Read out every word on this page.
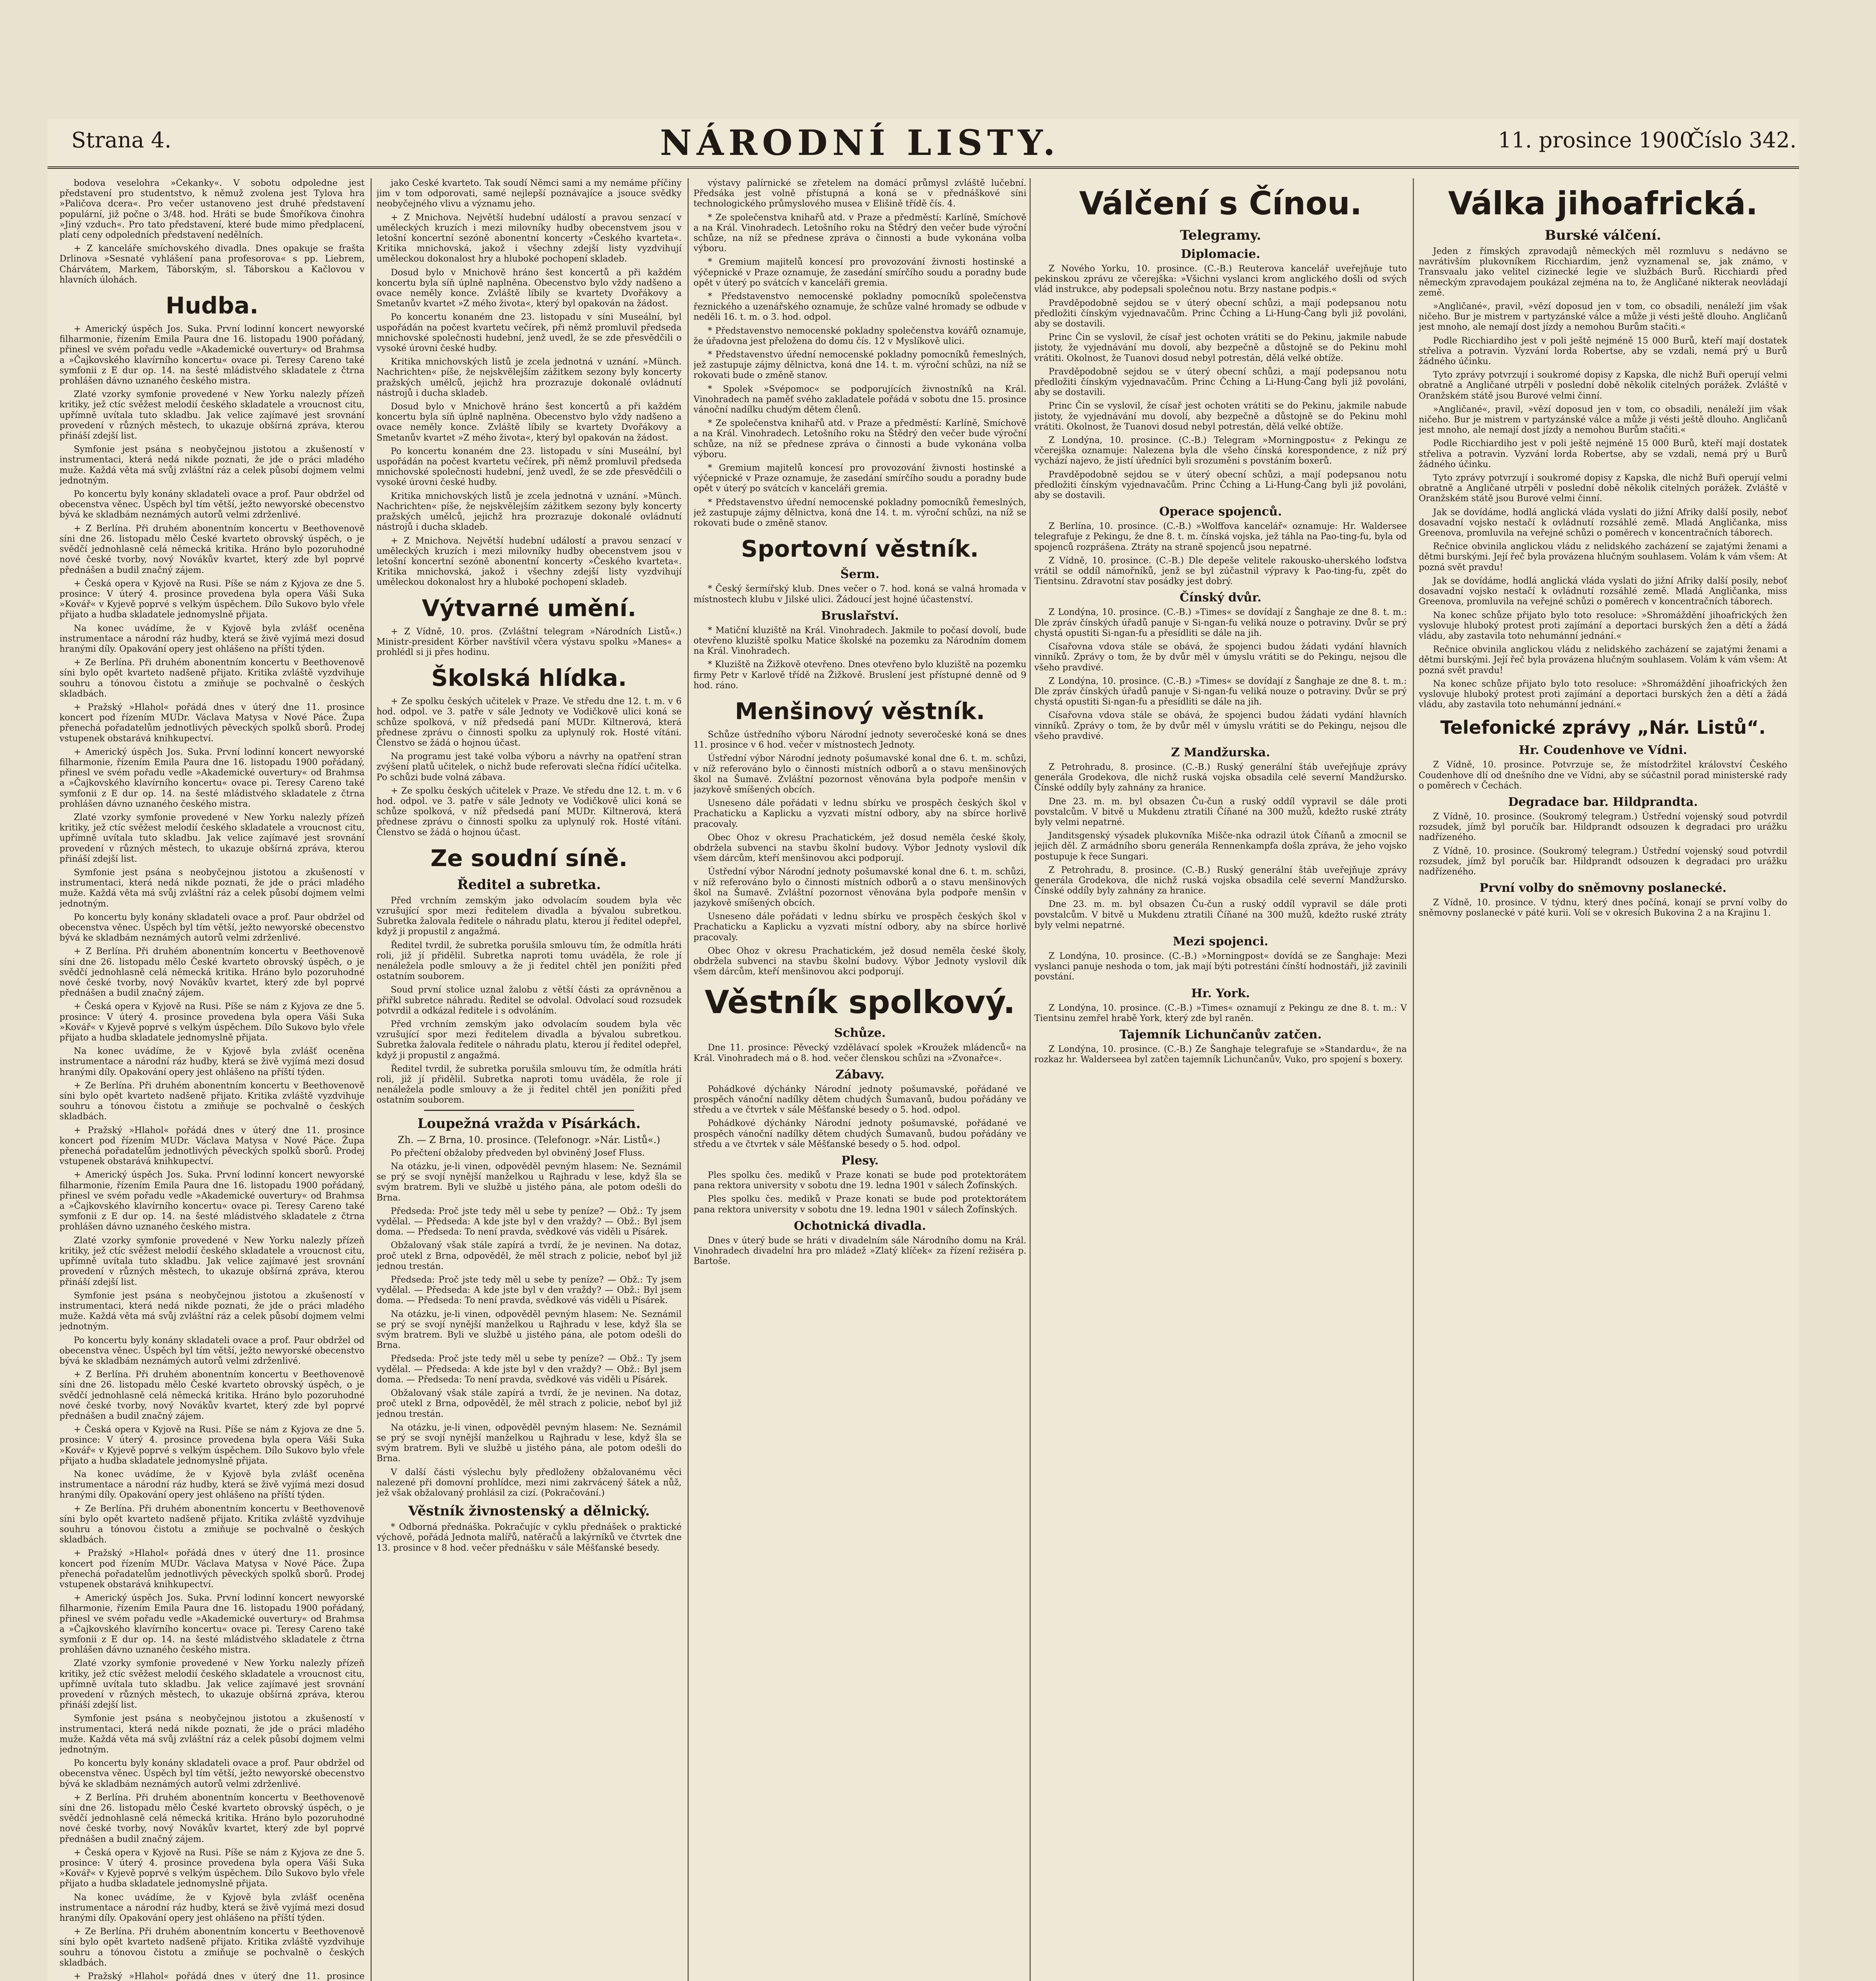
Strana 4.	NÁRODNÍ LISTY.	11. prosince 1900
Číslo 342.

bodova veselohra »Čekanky«. V sobotu odpoledne jest představení pro studentstvo, k němuž zvolena jest Tylova hra »Paličova dcera«. Pro večer ustanoveno jest druhé představení populární, již počne o 3/48. hod. Hráti se bude Šmoříkova činohra »Jiný vzduch«. Pro tato představení, které bude mimo předplacení, platí ceny odpoledních představení nedělních.

+ Z kanceláře smíchovského divadla. Dnes opakuje se frašta Drlinova »Sesnaté vyhlášení pana profesorova« s pp. Liebrem, Chárvátem, Markem, Táborským, sl. Táborskou a Kačlovou v hlavních úlohách.

Hudba.

+ Americký úspěch Jos. Suka. První lodinní koncert newyorské filharmonie, řízením Emila Paura dne 16. listopadu 1900 pořádaný, přinesl ve svém pořadu vedle »Akademické ouvertury« od Brahmsa a »Čajkovského klavírního koncertu« ovace pi. Teresy Careno také symfonii z E dur op. 14. na šesté mládistvého skladatele z čtrna prohlášen dávno uznaného českého mistra.

Zlaté vzorky symfonie provedené v New Yorku nalezly přízeň kritiky, jež ctíc svěžest melodií českého skladatele a vroucnost citu, upřímně uvítala tuto skladbu. Jak velice zajímavé jest srovnání provedení v různých městech, to ukazuje obšírná zpráva, kterou přináší zdejší list.

Symfonie jest psána s neobyčejnou jistotou a zkušeností v instrumentaci, která nedá nikde poznati, že jde o práci mladého muže. Každá věta má svůj zvláštní ráz a celek působí dojmem velmi jednotným.

Po koncertu byly konány skladateli ovace a prof. Paur obdržel od obecenstva věnec. Úspěch byl tím větší, ježto newyorské obecenstvo bývá ke skladbám neznámých autorů velmi zdrženlivé.

+ Z Berlína. Při druhém abonentním koncertu v Beethovenově síni dne 26. listopadu mělo České kvarteto obrovský úspěch, o je svědčí jednohlasně celá německá kritika. Hráno bylo pozoruhodné nové české tvorby, nový Novákův kvartet, který zde byl poprvé přednášen a budil značný zájem.

+ Česká opera v Kyjově na Rusi. Píše se nám z Kyjova ze dne 5. prosince: V úterý 4. prosince provedena byla opera Váši Suka »Kovář« v Kyjevě poprvé s velkým úspěchem. Dílo Sukovo bylo vřele přijato a hudba skladatele jednomyslně přijata.

Na konec uvádíme, že v Kyjově byla zvlášť oceněna instrumentace a národní ráz hudby, která se živě vyjímá mezi dosud hranými díly. Opakování opery jest ohlášeno na příští týden.

+ Ze Berlína. Při druhém abonentním koncertu v Beethovenově síni bylo opět kvarteto nadšeně přijato. Kritika zvláště vyzdvihuje souhru a tónovou čistotu a zmiňuje se pochvalně o českých skladbách.

+ Pražský »Hlahol« pořádá dnes v úterý dne 11. prosince koncert pod řízením MUDr. Václava Matysa v Nové Páce. Župa přenechá pořadatelům jednotlivých pěveckých spolků sborů. Prodej vstupenek obstarává knihkupectví.

+ Americký úspěch Jos. Suka. První lodinní koncert newyorské filharmonie, řízením Emila Paura dne 16. listopadu 1900 pořádaný, přinesl ve svém pořadu vedle »Akademické ouvertury« od Brahmsa a »Čajkovského klavírního koncertu« ovace pi. Teresy Careno také symfonii z E dur op. 14. na šesté mládistvého skladatele z čtrna prohlášen dávno uznaného českého mistra.

Zlaté vzorky symfonie provedené v New Yorku nalezly přízeň kritiky, jež ctíc svěžest melodií českého skladatele a vroucnost citu, upřímně uvítala tuto skladbu. Jak velice zajímavé jest srovnání provedení v různých městech, to ukazuje obšírná zpráva, kterou přináší zdejší list.

Symfonie jest psána s neobyčejnou jistotou a zkušeností v instrumentaci, která nedá nikde poznati, že jde o práci mladého muže. Každá věta má svůj zvláštní ráz a celek působí dojmem velmi jednotným.

Po koncertu byly konány skladateli ovace a prof. Paur obdržel od obecenstva věnec. Úspěch byl tím větší, ježto newyorské obecenstvo bývá ke skladbám neznámých autorů velmi zdrženlivé.

+ Z Berlína. Při druhém abonentním koncertu v Beethovenově síni dne 26. listopadu mělo České kvarteto obrovský úspěch, o je svědčí jednohlasně celá německá kritika. Hráno bylo pozoruhodné nové české tvorby, nový Novákův kvartet, který zde byl poprvé přednášen a budil značný zájem.

+ Česká opera v Kyjově na Rusi. Píše se nám z Kyjova ze dne 5. prosince: V úterý 4. prosince provedena byla opera Váši Suka »Kovář« v Kyjevě poprvé s velkým úspěchem. Dílo Sukovo bylo vřele přijato a hudba skladatele jednomyslně přijata.

Na konec uvádíme, že v Kyjově byla zvlášť oceněna instrumentace a národní ráz hudby, která se živě vyjímá mezi dosud hranými díly. Opakování opery jest ohlášeno na příští týden.

+ Ze Berlína. Při druhém abonentním koncertu v Beethovenově síni bylo opět kvarteto nadšeně přijato. Kritika zvláště vyzdvihuje souhru a tónovou čistotu a zmiňuje se pochvalně o českých skladbách.

+ Pražský »Hlahol« pořádá dnes v úterý dne 11. prosince koncert pod řízením MUDr. Václava Matysa v Nové Páce. Župa přenechá pořadatelům jednotlivých pěveckých spolků sborů. Prodej vstupenek obstarává knihkupectví.

+ Americký úspěch Jos. Suka. První lodinní koncert newyorské filharmonie, řízením Emila Paura dne 16. listopadu 1900 pořádaný, přinesl ve svém pořadu vedle »Akademické ouvertury« od Brahmsa a »Čajkovského klavírního koncertu« ovace pi. Teresy Careno také symfonii z E dur op. 14. na šesté mládistvého skladatele z čtrna prohlášen dávno uznaného českého mistra.

Zlaté vzorky symfonie provedené v New Yorku nalezly přízeň kritiky, jež ctíc svěžest melodií českého skladatele a vroucnost citu, upřímně uvítala tuto skladbu. Jak velice zajímavé jest srovnání provedení v různých městech, to ukazuje obšírná zpráva, kterou přináší zdejší list.

Symfonie jest psána s neobyčejnou jistotou a zkušeností v instrumentaci, která nedá nikde poznati, že jde o práci mladého muže. Každá věta má svůj zvláštní ráz a celek působí dojmem velmi jednotným.

Po koncertu byly konány skladateli ovace a prof. Paur obdržel od obecenstva věnec. Úspěch byl tím větší, ježto newyorské obecenstvo bývá ke skladbám neznámých autorů velmi zdrženlivé.

+ Z Berlína. Při druhém abonentním koncertu v Beethovenově síni dne 26. listopadu mělo České kvarteto obrovský úspěch, o je svědčí jednohlasně celá německá kritika. Hráno bylo pozoruhodné nové české tvorby, nový Novákův kvartet, který zde byl poprvé přednášen a budil značný zájem.

+ Česká opera v Kyjově na Rusi. Píše se nám z Kyjova ze dne 5. prosince: V úterý 4. prosince provedena byla opera Váši Suka »Kovář« v Kyjevě poprvé s velkým úspěchem. Dílo Sukovo bylo vřele přijato a hudba skladatele jednomyslně přijata.

Na konec uvádíme, že v Kyjově byla zvlášť oceněna instrumentace a národní ráz hudby, která se živě vyjímá mezi dosud hranými díly. Opakování opery jest ohlášeno na příští týden.

+ Ze Berlína. Při druhém abonentním koncertu v Beethovenově síni bylo opět kvarteto nadšeně přijato. Kritika zvláště vyzdvihuje souhru a tónovou čistotu a zmiňuje se pochvalně o českých skladbách.

+ Pražský »Hlahol« pořádá dnes v úterý dne 11. prosince koncert pod řízením MUDr. Václava Matysa v Nové Páce. Župa přenechá pořadatelům jednotlivých pěveckých spolků sborů. Prodej vstupenek obstarává knihkupectví.

+ Americký úspěch Jos. Suka. První lodinní koncert newyorské filharmonie, řízením Emila Paura dne 16. listopadu 1900 pořádaný, přinesl ve svém pořadu vedle »Akademické ouvertury« od Brahmsa a »Čajkovského klavírního koncertu« ovace pi. Teresy Careno také symfonii z E dur op. 14. na šesté mládistvého skladatele z čtrna prohlášen dávno uznaného českého mistra.

Zlaté vzorky symfonie provedené v New Yorku nalezly přízeň kritiky, jež ctíc svěžest melodií českého skladatele a vroucnost citu, upřímně uvítala tuto skladbu. Jak velice zajímavé jest srovnání provedení v různých městech, to ukazuje obšírná zpráva, kterou přináší zdejší list.

Symfonie jest psána s neobyčejnou jistotou a zkušeností v instrumentaci, která nedá nikde poznati, že jde o práci mladého muže. Každá věta má svůj zvláštní ráz a celek působí dojmem velmi jednotným.

Po koncertu byly konány skladateli ovace a prof. Paur obdržel od obecenstva věnec. Úspěch byl tím větší, ježto newyorské obecenstvo bývá ke skladbám neznámých autorů velmi zdrženlivé.

+ Z Berlína. Při druhém abonentním koncertu v Beethovenově síni dne 26. listopadu mělo České kvarteto obrovský úspěch, o je svědčí jednohlasně celá německá kritika. Hráno bylo pozoruhodné nové české tvorby, nový Novákův kvartet, který zde byl poprvé přednášen a budil značný zájem.

+ Česká opera v Kyjově na Rusi. Píše se nám z Kyjova ze dne 5. prosince: V úterý 4. prosince provedena byla opera Váši Suka »Kovář« v Kyjevě poprvé s velkým úspěchem. Dílo Sukovo bylo vřele přijato a hudba skladatele jednomyslně přijata.

Na konec uvádíme, že v Kyjově byla zvlášť oceněna instrumentace a národní ráz hudby, která se živě vyjímá mezi dosud hranými díly. Opakování opery jest ohlášeno na příští týden.

+ Ze Berlína. Při druhém abonentním koncertu v Beethovenově síni bylo opět kvarteto nadšeně přijato. Kritika zvláště vyzdvihuje souhru a tónovou čistotu a zmiňuje se pochvalně o českých skladbách.

+ Pražský »Hlahol« pořádá dnes v úterý dne 11. prosince

jako České kvarteto. Tak soudí Němci sami a my nemáme příčiny jim v tom odporovati, samé nejlepší poznávajíce a jsouce svědky neobyčejného vlivu a významu jeho.

+ Z Mnichova. Největší hudební událostí a pravou senzací v uměleckých kruzích i mezi milovníky hudby obecenstvem jsou v letošní koncertní sezóně abonentní koncerty »Českého kvarteta«. Kritika mnichovská, jakož i všechny zdejší listy vyzdvihují uměleckou dokonalost hry a hluboké pochopení skladeb.

Dosud bylo v Mnichově hráno šest koncertů a při každém koncertu byla síň úplně naplněna. Obecenstvo bylo vždy nadšeno a ovace neměly konce. Zvláště líbily se kvartety Dvořákovy a Smetanův kvartet »Z mého života«, který byl opakován na žádost.

Po koncertu konaném dne 23. listopadu v síni Museální, byl uspořádán na počest kvartetu večírek, při němž promluvil předseda mnichovské společnosti hudební, jenž uvedl, že se zde přesvědčili o vysoké úrovni české hudby.

Kritika mnichovských listů je zcela jednotná v uznání. »Münch. Nachrichten« píše, že nejskvělejším zážitkem sezony byly koncerty pražských umělců, jejichž hra prozrazuje dokonalé ovládnutí nástrojů i ducha skladeb.

Dosud bylo v Mnichově hráno šest koncertů a při každém koncertu byla síň úplně naplněna. Obecenstvo bylo vždy nadšeno a ovace neměly konce. Zvláště líbily se kvartety Dvořákovy a Smetanův kvartet »Z mého života«, který byl opakován na žádost.

Po koncertu konaném dne 23. listopadu v síni Museální, byl uspořádán na počest kvartetu večírek, při němž promluvil předseda mnichovské společnosti hudební, jenž uvedl, že se zde přesvědčili o vysoké úrovni české hudby.

Kritika mnichovských listů je zcela jednotná v uznání. »Münch. Nachrichten« píše, že nejskvělejším zážitkem sezony byly koncerty pražských umělců, jejichž hra prozrazuje dokonalé ovládnutí nástrojů i ducha skladeb.

+ Z Mnichova. Největší hudební událostí a pravou senzací v uměleckých kruzích i mezi milovníky hudby obecenstvem jsou v letošní koncertní sezóně abonentní koncerty »Českého kvarteta«. Kritika mnichovská, jakož i všechny zdejší listy vyzdvihují uměleckou dokonalost hry a hluboké pochopení skladeb.

Výtvarné umění.

+ Z Vídně, 10. pros. (Zvláštní telegram »Národních Listů«.) Ministr-president Körber navštívil včera výstavu spolku »Manes« a prohlédl si ji přes hodinu.

Školská hlídka.

+ Ze spolku českých učitelek v Praze. Ve středu dne 12. t. m. v 6 hod. odpol. ve 3. patře v sále Jednoty ve Vodičkově ulici koná se schůze spolková, v níž předsedá paní MUDr. Kiltnerová, která přednese zprávu o činnosti spolku za uplynulý rok. Hosté vítáni. Členstvo se žádá o hojnou účast.

Na programu jest také volba výboru a návrhy na opatření stran zvýšení platů učitelek, o nichž bude referovati slečna řídící učitelka. Po schůzi bude volná zábava.

+ Ze spolku českých učitelek v Praze. Ve středu dne 12. t. m. v 6 hod. odpol. ve 3. patře v sále Jednoty ve Vodičkově ulici koná se schůze spolková, v níž předsedá paní MUDr. Kiltnerová, která přednese zprávu o činnosti spolku za uplynulý rok. Hosté vítáni. Členstvo se žádá o hojnou účast.

Ze soudní síně.
Ředitel a subretka.

Před vrchním zemským jako odvolacím soudem byla věc vzrušující spor mezi ředitelem divadla a bývalou subretkou. Subretka žalovala ředitele o náhradu platu, kterou jí ředitel odepřel, když ji propustil z angažmá.

Ředitel tvrdil, že subretka porušila smlouvu tím, že odmítla hráti roli, již jí přidělil. Subretka naproti tomu uváděla, že role jí nenáležela podle smlouvy a že ji ředitel chtěl jen ponížiti před ostatním souborem.

Soud první stolice uznal žalobu z větší části za oprávněnou a přiřkl subretce náhradu. Ředitel se odvolal. Odvolací soud rozsudek potvrdil a odkázal ředitele i s odvoláním.

Před vrchním zemským jako odvolacím soudem byla věc vzrušující spor mezi ředitelem divadla a bývalou subretkou. Subretka žalovala ředitele o náhradu platu, kterou jí ředitel odepřel, když ji propustil z angažmá.

Ředitel tvrdil, že subretka porušila smlouvu tím, že odmítla hráti roli, již jí přidělil. Subretka naproti tomu uváděla, že role jí nenáležela podle smlouvy a že ji ředitel chtěl jen ponížiti před ostatním souborem.

Loupežná vražda v Písárkách.
Zh. — Z Brna, 10. prosince. (Telefonogr. »Nár. Listů«.)

Po přečtení obžaloby předveden byl obviněný Josef Fluss.

Na otázku, je-li vinen, odpověděl pevným hlasem: Ne. Seznámil se prý se svojí nynější manželkou u Rajhradu v lese, když šla se svým bratrem. Byli ve službě u jistého pána, ale potom odešli do Brna.

Předseda: Proč jste tedy měl u sebe ty peníze? — Obž.: Ty jsem vydělal. — Předseda: A kde jste byl v den vraždy? — Obž.: Byl jsem doma. — Předseda: To není pravda, svědkové vás viděli u Písárek.

Obžalovaný však stále zapírá a tvrdí, že je nevinen. Na dotaz, proč utekl z Brna, odpověděl, že měl strach z policie, neboť byl již jednou trestán.

Předseda: Proč jste tedy měl u sebe ty peníze? — Obž.: Ty jsem vydělal. — Předseda: A kde jste byl v den vraždy? — Obž.: Byl jsem doma. — Předseda: To není pravda, svědkové vás viděli u Písárek.

Na otázku, je-li vinen, odpověděl pevným hlasem: Ne. Seznámil se prý se svojí nynější manželkou u Rajhradu v lese, když šla se svým bratrem. Byli ve službě u jistého pána, ale potom odešli do Brna.

Předseda: Proč jste tedy měl u sebe ty peníze? — Obž.: Ty jsem vydělal. — Předseda: A kde jste byl v den vraždy? — Obž.: Byl jsem doma. — Předseda: To není pravda, svědkové vás viděli u Písárek.

Obžalovaný však stále zapírá a tvrdí, že je nevinen. Na dotaz, proč utekl z Brna, odpověděl, že měl strach z policie, neboť byl již jednou trestán.

Na otázku, je-li vinen, odpověděl pevným hlasem: Ne. Seznámil se prý se svojí nynější manželkou u Rajhradu v lese, když šla se svým bratrem. Byli ve službě u jistého pána, ale potom odešli do Brna.

V další části výslechu byly předloženy obžalovanému věci nalezené při domovní prohlídce, mezi nimi zakrvácený šátek a nůž, jež však obžalovaný prohlásil za cizí. (Pokračování.)

Věstník živnostenský a dělnický.

* Odborná přednáška. Pokračujíc v cyklu přednášek o praktické výchově, pořádá Jednota malířů, natěračů a lakýrníků ve čtvrtek dne 13. prosince v 8 hod. večer přednášku v sále Měšťanské besedy.

výstavy palírnické se zřetelem na domácí průmysl zvláště lučební. Předsáka jest volně přístupná a koná se v přednáškové síni technologického průmyslového musea v Elišině třídě čís. 4.

* Ze společenstva knihařů atd. v Praze a předměstí: Karlíně, Smíchově a na Král. Vinohradech. Letošního roku na Štědrý den večer bude výroční schůze, na níž se přednese zpráva o činnosti a bude vykonána volba výboru.

* Gremium majitelů koncesí pro provozování živnosti hostinské a výčepnické v Praze oznamuje, že zasedání smírčího soudu a poradny bude opět v úterý po svátcích v kanceláři gremia.

* Představenstvo nemocenské pokladny pomocníků společenstva řeznického a uzenářského oznamuje, že schůze valné hromady se odbude v neděli 16. t. m. o 3. hod. odpol.

* Představenstvo nemocenské pokladny společenstva kovářů oznamuje, že úřadovna jest přeložena do domu čís. 12 v Myslíkově ulici.

* Představenstvo úřední nemocenské pokladny pomocníků řemeslných, jež zastupuje zájmy dělnictva, koná dne 14. t. m. výroční schůzi, na níž se rokovati bude o změně stanov.

* Spolek »Svépomoc« se podporujících živnostníků na Král. Vinohradech na paměť svého zakladatele pořádá v sobotu dne 15. prosince vánoční nadílku chudým dětem členů.

* Ze společenstva knihařů atd. v Praze a předměstí: Karlíně, Smíchově a na Král. Vinohradech. Letošního roku na Štědrý den večer bude výroční schůze, na níž se přednese zpráva o činnosti a bude vykonána volba výboru.

* Gremium majitelů koncesí pro provozování živnosti hostinské a výčepnické v Praze oznamuje, že zasedání smírčího soudu a poradny bude opět v úterý po svátcích v kanceláři gremia.

* Představenstvo úřední nemocenské pokladny pomocníků řemeslných, jež zastupuje zájmy dělnictva, koná dne 14. t. m. výroční schůzi, na níž se rokovati bude o změně stanov.

Sportovní věstník.
Šerm.

* Český šermířský klub. Dnes večer o 7. hod. koná se valná hromada v místnostech klubu v Jilské ulici. Žádoucí jest hojné účastenství.

Bruslařství.

* Matiční kluziště na Král. Vinohradech. Jakmile to počasí dovolí, bude otevřeno kluziště spolku Matice školské na pozemku za Národním domem na Král. Vinohradech.

* Kluziště na Žižkově otevřeno. Dnes otevřeno bylo kluziště na pozemku firmy Petr v Karlově třídě na Žižkově. Bruslení jest přístupné denně od 9 hod. ráno.

Menšinový věstník.

Schůze ústředního výboru Národní jednoty severočeské koná se dnes 11. prosince v 6 hod. večer v místnostech Jednoty.

Ústřední výbor Národní jednoty pošumavské konal dne 6. t. m. schůzi, v níž referováno bylo o činnosti místních odborů a o stavu menšinových škol na Šumavě. Zvláštní pozornost věnována byla podpoře menšin v jazykově smíšených obcích.

Usneseno dále pořádati v lednu sbírku ve prospěch českých škol v Prachaticku a Kaplicku a vyzvati místní odbory, aby na sbírce horlivě pracovaly.

Obec Ohoz v okresu Prachatickém, jež dosud neměla české školy, obdržela subvenci na stavbu školní budovy. Výbor Jednoty vyslovil dík všem dárcům, kteří menšinovou akci podporují.

Ústřední výbor Národní jednoty pošumavské konal dne 6. t. m. schůzi, v níž referováno bylo o činnosti místních odborů a o stavu menšinových škol na Šumavě. Zvláštní pozornost věnována byla podpoře menšin v jazykově smíšených obcích.

Usneseno dále pořádati v lednu sbírku ve prospěch českých škol v Prachaticku a Kaplicku a vyzvati místní odbory, aby na sbírce horlivě pracovaly.

Obec Ohoz v okresu Prachatickém, jež dosud neměla české školy, obdržela subvenci na stavbu školní budovy. Výbor Jednoty vyslovil dík všem dárcům, kteří menšinovou akci podporují.

Věstník spolkový.
Schůze.

Dne 11. prosince: Pěvecký vzdělávací spolek »Kroužek mládenců« na Král. Vinohradech má o 8. hod. večer členskou schůzi na »Zvonařce«.

Zábavy.

Pohádkové dýchánky Národní jednoty pošumavské, pořádané ve prospěch vánoční nadílky dětem chudých Šumavanů, budou pořádány ve středu a ve čtvrtek v sále Měšťanské besedy o 5. hod. odpol.

Pohádkové dýchánky Národní jednoty pošumavské, pořádané ve prospěch vánoční nadílky dětem chudých Šumavanů, budou pořádány ve středu a ve čtvrtek v sále Měšťanské besedy o 5. hod. odpol.

Plesy.

Ples spolku čes. mediků v Praze konati se bude pod protektorátem pana rektora university v sobotu dne 19. ledna 1901 v sálech Žofínských.

Ples spolku čes. mediků v Praze konati se bude pod protektorátem pana rektora university v sobotu dne 19. ledna 1901 v sálech Žofínských.

Ochotnická divadla.

Dnes v úterý bude se hráti v divadelním sále Národního domu na Král. Vinohradech divadelní hra pro mládež »Zlatý klíček« za řízení režiséra p. Bartoše.

Válčení s Čínou.
Telegramy.
Diplomacie.

Z Nového Yorku, 10. prosince. (C.-B.) Reuterova kancelář uveřejňuje tuto pekinskou zprávu ze včerejška: »Všichni vyslanci krom anglického došli od svých vlád instrukce, aby podepsali společnou notu. Brzy nastane podpis.«

Pravděpodobně sejdou se v úterý obecní schůzi, a mají podepsanou notu předložiti čínským vyjednavačům. Princ Čching a Li-Hung-Čang byli již povoláni, aby se dostavili.

Princ Čin se vyslovil, že císař jest ochoten vrátiti se do Pekinu, jakmile nabude jistoty, že vyjednávání mu dovolí, aby bezpečně a důstojně se do Pekinu mohl vrátiti. Okolnost, že Tuanovi dosud nebyl potrestán, dělá velké obtíže.

Pravděpodobně sejdou se v úterý obecní schůzi, a mají podepsanou notu předložiti čínským vyjednavačům. Princ Čching a Li-Hung-Čang byli již povoláni, aby se dostavili.

Princ Čin se vyslovil, že císař jest ochoten vrátiti se do Pekinu, jakmile nabude jistoty, že vyjednávání mu dovolí, aby bezpečně a důstojně se do Pekinu mohl vrátiti. Okolnost, že Tuanovi dosud nebyl potrestán, dělá velké obtíže.

Z Londýna, 10. prosince. (C.-B.) Telegram »Morningpostu« z Pekingu ze včerejška oznamuje: Nalezena byla dle všeho čínská korespondence, z níž prý vychází najevo, že jistí úředníci byli srozuměni s povstáním boxerů.

Pravděpodobně sejdou se v úterý obecní schůzi, a mají podepsanou notu předložiti čínským vyjednavačům. Princ Čching a Li-Hung-Čang byli již povoláni, aby se dostavili.

Operace spojenců.

Z Berlína, 10. prosince. (C.-B.) »Wolffova kancelář« oznamuje: Hr. Waldersee telegrafuje z Pekingu, že dne 8. t. m. čínská vojska, jež táhla na Pao-ting-fu, byla od spojenců rozprášena. Ztráty na straně spojenců jsou nepatrné.

Z Vídně, 10. prosince. (C.-B.) Dle depeše velitele rakousko-uherského loďstva vrátil se oddíl námořníků, jenž se byl zúčastnil výpravy k Pao-ting-fu, zpět do Tientsinu. Zdravotní stav posádky jest dobrý.

Čínský dvůr.

Z Londýna, 10. prosince. (C.-B.) »Times« se dovídají z Šanghaje ze dne 8. t. m.: Dle zpráv čínských úřadů panuje v Si-ngan-fu veliká nouze o potraviny. Dvůr se prý chystá opustiti Si-ngan-fu a přesídliti se dále na jih.

Císařovna vdova stále se obává, že spojenci budou žádati vydání hlavních vinníků. Zprávy o tom, že by dvůr měl v úmyslu vrátiti se do Pekingu, nejsou dle všeho pravdivé.

Z Londýna, 10. prosince. (C.-B.) »Times« se dovídají z Šanghaje ze dne 8. t. m.: Dle zpráv čínských úřadů panuje v Si-ngan-fu veliká nouze o potraviny. Dvůr se prý chystá opustiti Si-ngan-fu a přesídliti se dále na jih.

Císařovna vdova stále se obává, že spojenci budou žádati vydání hlavních vinníků. Zprávy o tom, že by dvůr měl v úmyslu vrátiti se do Pekingu, nejsou dle všeho pravdivé.

Z Mandžurska.

Z Petrohradu, 8. prosince. (C.-B.) Ruský generální štáb uveřejňuje zprávy generála Grodekova, dle nichž ruská vojska obsadila celé severní Mandžursko. Čínské oddíly byly zahnány za hranice.

Dne 23. m. m. byl obsazen Ču-čun a ruský oddíl vypravil se dále proti povstalcům. V bitvě u Mukdenu ztratili Číňané na 300 mužů, kdežto ruské ztráty byly velmi nepatrné.

Janditsgenský výsadek plukovníka Mišče-nka odrazil útok Číňanů a zmocnil se jejich děl. Z armádního sboru generála Rennenkampfa došla zpráva, že jeho vojsko postupuje k řece Sungari.

Z Petrohradu, 8. prosince. (C.-B.) Ruský generální štáb uveřejňuje zprávy generála Grodekova, dle nichž ruská vojska obsadila celé severní Mandžursko. Čínské oddíly byly zahnány za hranice.

Dne 23. m. m. byl obsazen Ču-čun a ruský oddíl vypravil se dále proti povstalcům. V bitvě u Mukdenu ztratili Číňané na 300 mužů, kdežto ruské ztráty byly velmi nepatrné.

Mezi spojenci.

Z Londýna, 10. prosince. (C.-B.) »Morningpost« dovídá se ze Šanghaje: Mezi vyslanci panuje neshoda o tom, jak mají býti potrestáni čínští hodnostáři, již zavinili povstání.

Hr. York.

Z Londýna, 10. prosince. (C.-B.) »Times« oznamují z Pekingu ze dne 8. t. m.: V Tientsinu zemřel hrabě York, který zde byl raněn.

Tajemník Lichunčanův zatčen.

Z Londýna, 10. prosince. (C.-B.) Ze Šanghaje telegrafuje se »Standardu«, že na rozkaz hr. Walderseea byl zatčen tajemník Lichunčanův, Vuko, pro spojení s boxery.

Válka jihoafrická.
Burské válčení.

Jeden z římských zpravodajů německých měl rozmluvu s nedávno se navrátivším plukovníkem Ricchiardim, jenž vyznamenal se, jak známo, v Transvaalu jako velitel cizinecké legie ve službách Burů. Ricchiardi před německým zpravodajem poukázal zejména na to, že Angličané nikterak neovládají země.

»Angličané«, pravil, »vězí doposud jen v tom, co obsadili, nenáleží jim však ničeho. Bur je mistrem v partyzánské válce a může ji vésti ještě dlouho. Angličanů jest mnoho, ale nemají dost jízdy a nemohou Burům stačiti.«

Podle Ricchiardiho jest v poli ještě nejméně 15 000 Burů, kteří mají dostatek střeliva a potravin. Vyzvání lorda Robertse, aby se vzdali, nemá prý u Burů žádného účinku.

Tyto zprávy potvrzují i soukromé dopisy z Kapska, dle nichž Buři operují velmi obratně a Angličané utrpěli v poslední době několik citelných porážek. Zvláště v Oranžském státě jsou Burové velmi činní.

»Angličané«, pravil, »vězí doposud jen v tom, co obsadili, nenáleží jim však ničeho. Bur je mistrem v partyzánské válce a může ji vésti ještě dlouho. Angličanů jest mnoho, ale nemají dost jízdy a nemohou Burům stačiti.«

Podle Ricchiardiho jest v poli ještě nejméně 15 000 Burů, kteří mají dostatek střeliva a potravin. Vyzvání lorda Robertse, aby se vzdali, nemá prý u Burů žádného účinku.

Tyto zprávy potvrzují i soukromé dopisy z Kapska, dle nichž Buři operují velmi obratně a Angličané utrpěli v poslední době několik citelných porážek. Zvláště v Oranžském státě jsou Burové velmi činní.

Jak se dovídáme, hodlá anglická vláda vyslati do jižní Afriky další posily, neboť dosavadní vojsko nestačí k ovládnutí rozsáhlé země. Mladá Angličanka, miss Greenova, promluvila na veřejné schůzi o poměrech v koncentračních táborech.

Rečnice obvinila anglickou vládu z nelidského zacházení se zajatými ženami a dětmi burskými. Její řeč byla provázena hlučným souhlasem. Volám k vám všem: At pozná svět pravdu!

Jak se dovídáme, hodlá anglická vláda vyslati do jižní Afriky další posily, neboť dosavadní vojsko nestačí k ovládnutí rozsáhlé země. Mladá Angličanka, miss Greenova, promluvila na veřejné schůzi o poměrech v koncentračních táborech.

Na konec schůze přijato bylo toto resoluce: »Shromáždění jihoafrických žen vyslovuje hluboký protest proti zajímání a deportaci burských žen a dětí a žádá vládu, aby zastavila toto nehumánní jednání.«

Rečnice obvinila anglickou vládu z nelidského zacházení se zajatými ženami a dětmi burskými. Její řeč byla provázena hlučným souhlasem. Volám k vám všem: At pozná svět pravdu!

Na konec schůze přijato bylo toto resoluce: »Shromáždění jihoafrických žen vyslovuje hluboký protest proti zajímání a deportaci burských žen a dětí a žádá vládu, aby zastavila toto nehumánní jednání.«

Telefonické zprávy „Nár. Listů“.
Hr. Coudenhove ve Vídni.

Z Vídně, 10. prosince. Potvrzuje se, že místodržitel království Českého Coudenhove dlí od dnešního dne ve Vídni, aby se súčastnil porad ministerské rady o poměrech v Čechách.

Degradace bar. Hildprandta.

Z Vídně, 10. prosince. (Soukromý telegram.) Ústřední vojenský soud potvrdil rozsudek, jímž byl poručík bar. Hildprandt odsouzen k degradaci pro urážku nadřízeného.

Z Vídně, 10. prosince. (Soukromý telegram.) Ústřední vojenský soud potvrdil rozsudek, jímž byl poručík bar. Hildprandt odsouzen k degradaci pro urážku nadřízeného.

První volby do sněmovny poslanecké.

Z Vídně, 10. prosince. V týdnu, který dnes počíná, konají se první volby do sněmovny poslanecké v páté kurii. Volí se v okresích Bukovina 2 a na Krajinu 1.
